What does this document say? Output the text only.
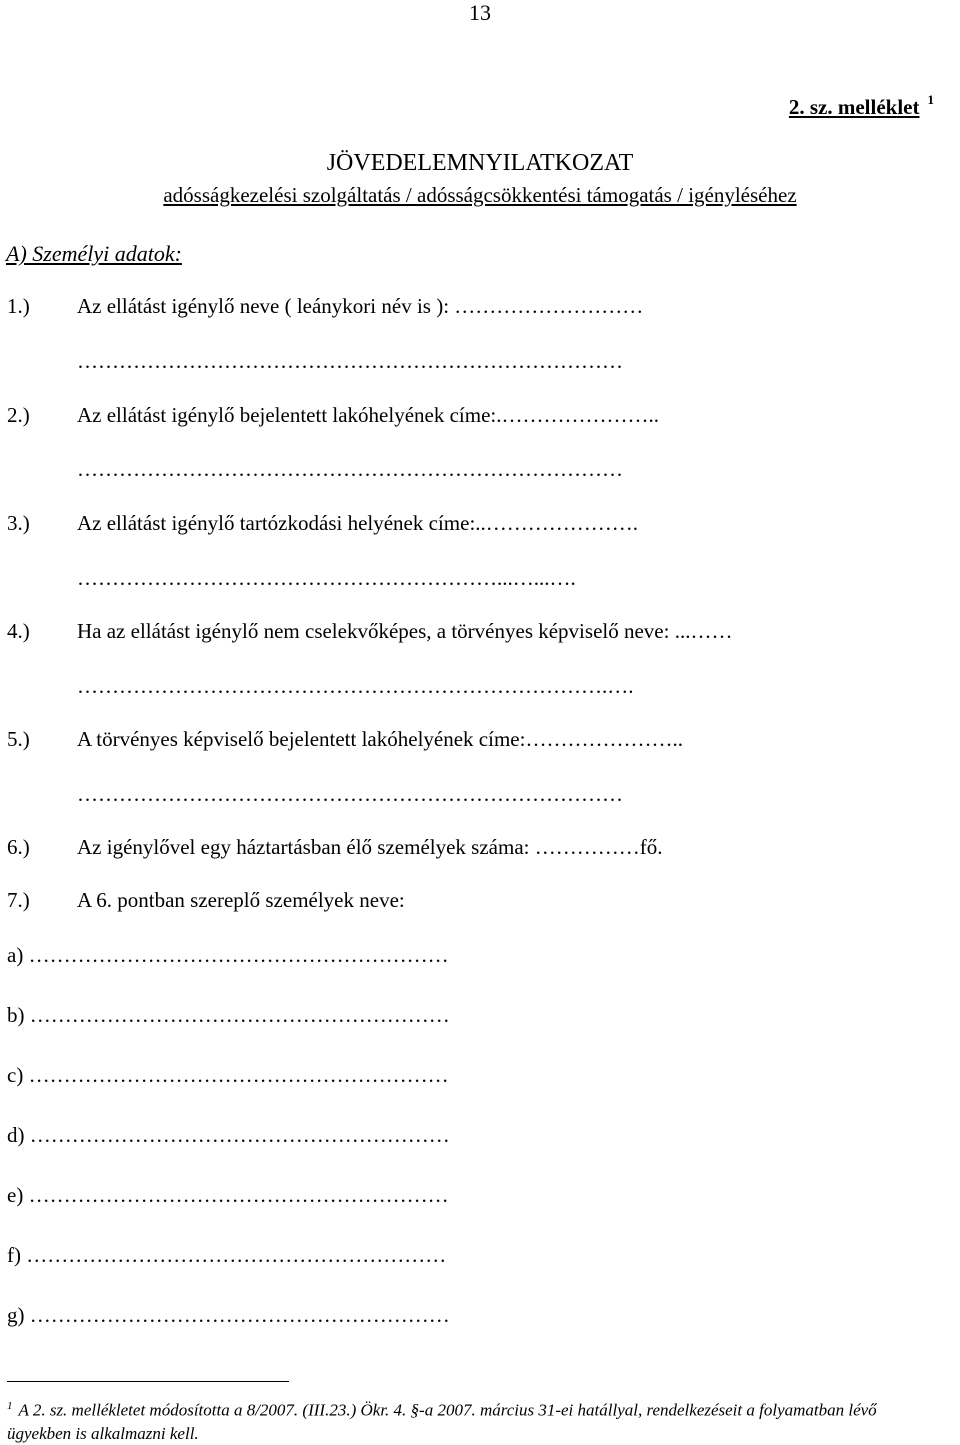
13
2. sz. melléklet $^1$
JÖVEDELEMNYILATKOZAT
adósságkezelési szolgáltatás / adósságcsökkentési támogatás / igényléséhez
A) Személyi adatok:
1.) Az ellátást igénylő neve ( leánykori név is ): ………………………
……………………………………………………………………
2.) Az ellátást igénylő bejelentett lakóhelyének címe:.…………………..
……………………………………………………………………
3.) Az ellátást igénylő tartózkodási helyének címe:..………………….
……………………………………………………...…...….
4.) Ha az ellátást igénylő nem cselekvőképes, a törvényes képviselő neve: ...……
………………………………………………………………….….
5.) A törvényes képviselő bejelentett lakóhelyének címe:…………………..
……………………………………………………………………
6.) Az igénylővel egy háztartásban élő személyek száma: ……………fő.
7.) A 6. pontban szereplő személyek neve:
a) ……………………………………………………
b) ……………………………………………………
c) ……………………………………………………
d) ……………………………………………………
e) ……………………………………………………
f) ……………………………………………………
g) ……………………………………………………
$^1$ A 2. sz. mellékletet módosította a 8/2007. (III.23.) Ökr. 4. §-a 2007. március 31-ei hatállyal, rendelkezéseit a folyamatban lévő ügyekben is alkalmazni kell.
